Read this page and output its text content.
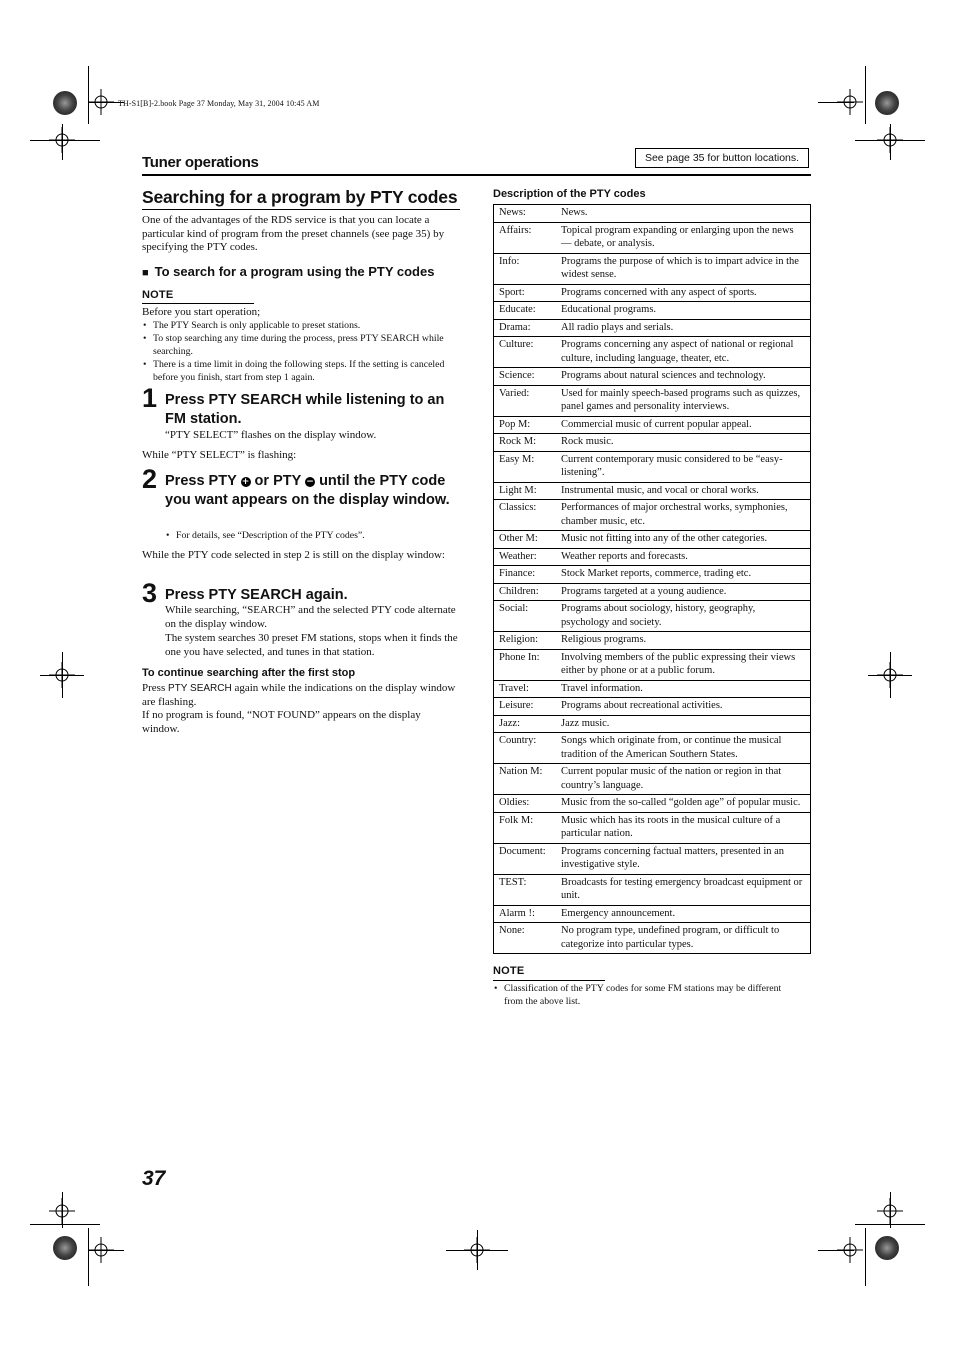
TH-S1[B]-2.book Page 37 Monday, May 31, 2004 10:45 AM
Tuner operations	See page 35 for button locations.
Searching for a program by PTY codes
One of the advantages of the RDS service is that you can locate a particular kind of program from the preset channels (see page 35) by specifying the PTY codes.
■ To search for a program using the PTY codes
NOTE
Before you start operation;
• The PTY Search is only applicable to preset stations.
• To stop searching any time during the process, press PTY SEARCH while searching.
• There is a time limit in doing the following steps. If the setting is canceled before you finish, start from step 1 again.
1 Press PTY SEARCH while listening to an FM station.
“PTY SELECT” flashes on the display window.
While “PTY SELECT” is flashing:
2 Press PTY + or PTY − until the PTY code you want appears on the display window.
• For details, see “Description of the PTY codes”.
While the PTY code selected in step 2 is still on the display window:
3 Press PTY SEARCH again.
While searching, “SEARCH” and the selected PTY code alternate on the display window.
The system searches 30 preset FM stations, stops when it finds the one you have selected, and tunes in that station.
To continue searching after the first stop
Press PTY SEARCH again while the indications on the display window are flashing.
If no program is found, “NOT FOUND” appears on the display window.
Description of the PTY codes
News:	News.
Affairs:	Topical program expanding or enlarging upon the news — debate, or analysis.
Info:	Programs the purpose of which is to impart advice in the widest sense.
Sport:	Programs concerned with any aspect of sports.
Educate:	Educational programs.
Drama:	All radio plays and serials.
Culture:	Programs concerning any aspect of national or regional culture, including language, theater, etc.
Science:	Programs about natural sciences and technology.
Varied:	Used for mainly speech-based programs such as quizzes, panel games and personality interviews.
Pop M:	Commercial music of current popular appeal.
Rock M:	Rock music.
Easy M:	Current contemporary music considered to be “easy-listening”.
Light M:	Instrumental music, and vocal or choral works.
Classics:	Performances of major orchestral works, symphonies, chamber music, etc.
Other M:	Music not fitting into any of the other categories.
Weather:	Weather reports and forecasts.
Finance:	Stock Market reports, commerce, trading etc.
Children:	Programs targeted at a young audience.
Social:	Programs about sociology, history, geography, psychology and society.
Religion:	Religious programs.
Phone In:	Involving members of the public expressing their views either by phone or at a public forum.
Travel:	Travel information.
Leisure:	Programs about recreational activities.
Jazz:	Jazz music.
Country:	Songs which originate from, or continue the musical tradition of the American Southern States.
Nation M:	Current popular music of the nation or region in that country’s language.
Oldies:	Music from the so-called “golden age” of popular music.
Folk M:	Music which has its roots in the musical culture of a particular nation.
Document:	Programs concerning factual matters, presented in an investigative style.
TEST:	Broadcasts for testing emergency broadcast equipment or unit.
Alarm !:	Emergency announcement.
None:	No program type, undefined program, or difficult to categorize into particular types.
NOTE
• Classification of the PTY codes for some FM stations may be different from the above list.
37
